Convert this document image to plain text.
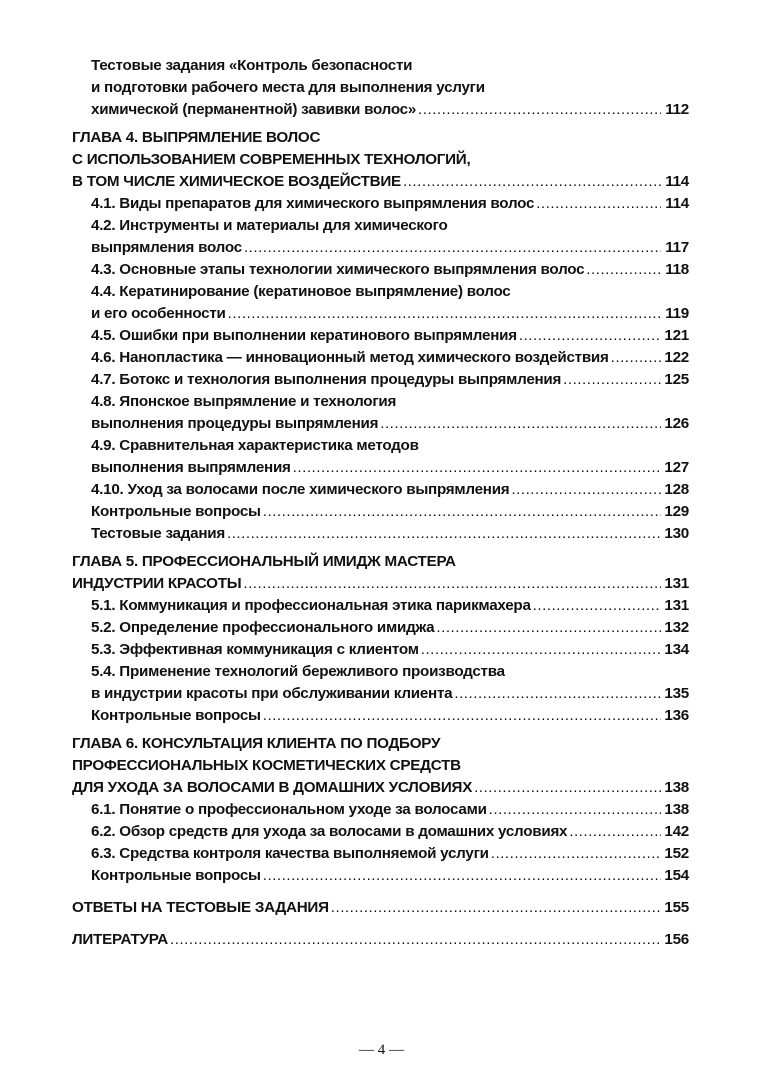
Тестовые задания «Контроль безопасности
и подготовки рабочего места для выполнения услуги
химической (перманентной) завивки волос» .....	112
ГЛАВА 4. ВЫПРЯМЛЕНИЕ ВОЛОС
С ИСПОЛЬЗОВАНИЕМ СОВРЕМЕННЫХ ТЕХНОЛОГИЙ,
В ТОМ ЧИСЛЕ ХИМИЧЕСКОЕ ВОЗДЕЙСТВИЕ .....	114
4.1. Виды препаратов для химического выпрямления волос .....	114
4.2. Инструменты и материалы для химического
выпрямления волос .....	117
4.3. Основные этапы технологии химического выпрямления волос .....	118
4.4. Кератинирование (кератиновое выпрямление) волос
и его особенности .....	119
4.5. Ошибки при выполнении кератинового выпрямления .....	121
4.6. Нанопластика — инновационный метод химического воздействия .....	122
4.7. Ботокс и технология выполнения процедуры выпрямления .....	125
4.8. Японское выпрямление и технология
выполнения процедуры выпрямления .....	126
4.9. Сравнительная характеристика методов
выполнения выпрямления .....	127
4.10. Уход за волосами после химического выпрямления .....	128
Контрольные вопросы .....	129
Тестовые задания .....	130
ГЛАВА 5. ПРОФЕССИОНАЛЬНЫЙ ИМИДЖ МАСТЕРА
ИНДУСТРИИ КРАСОТЫ .....	131
5.1. Коммуникация и профессиональная этика парикмахера .....	131
5.2. Определение профессионального имиджа .....	132
5.3. Эффективная коммуникация с клиентом .....	134
5.4. Применение технологий бережливого производства
в индустрии красоты при обслуживании клиента .....	135
Контрольные вопросы .....	136
ГЛАВА 6. КОНСУЛЬТАЦИЯ КЛИЕНТА ПО ПОДБОРУ
ПРОФЕССИОНАЛЬНЫХ КОСМЕТИЧЕСКИХ СРЕДСТВ
ДЛЯ УХОДА ЗА ВОЛОСАМИ В ДОМАШНИХ УСЛОВИЯХ .....	138
6.1. Понятие о профессиональном уходе за волосами .....	138
6.2. Обзор средств для ухода за волосами в домашних условиях .....	142
6.3. Средства контроля качества выполняемой услуги .....	152
Контрольные вопросы .....	154
ОТВЕТЫ НА ТЕСТОВЫЕ ЗАДАНИЯ .....	155
ЛИТЕРАТУРА .....	156
— 4 —
